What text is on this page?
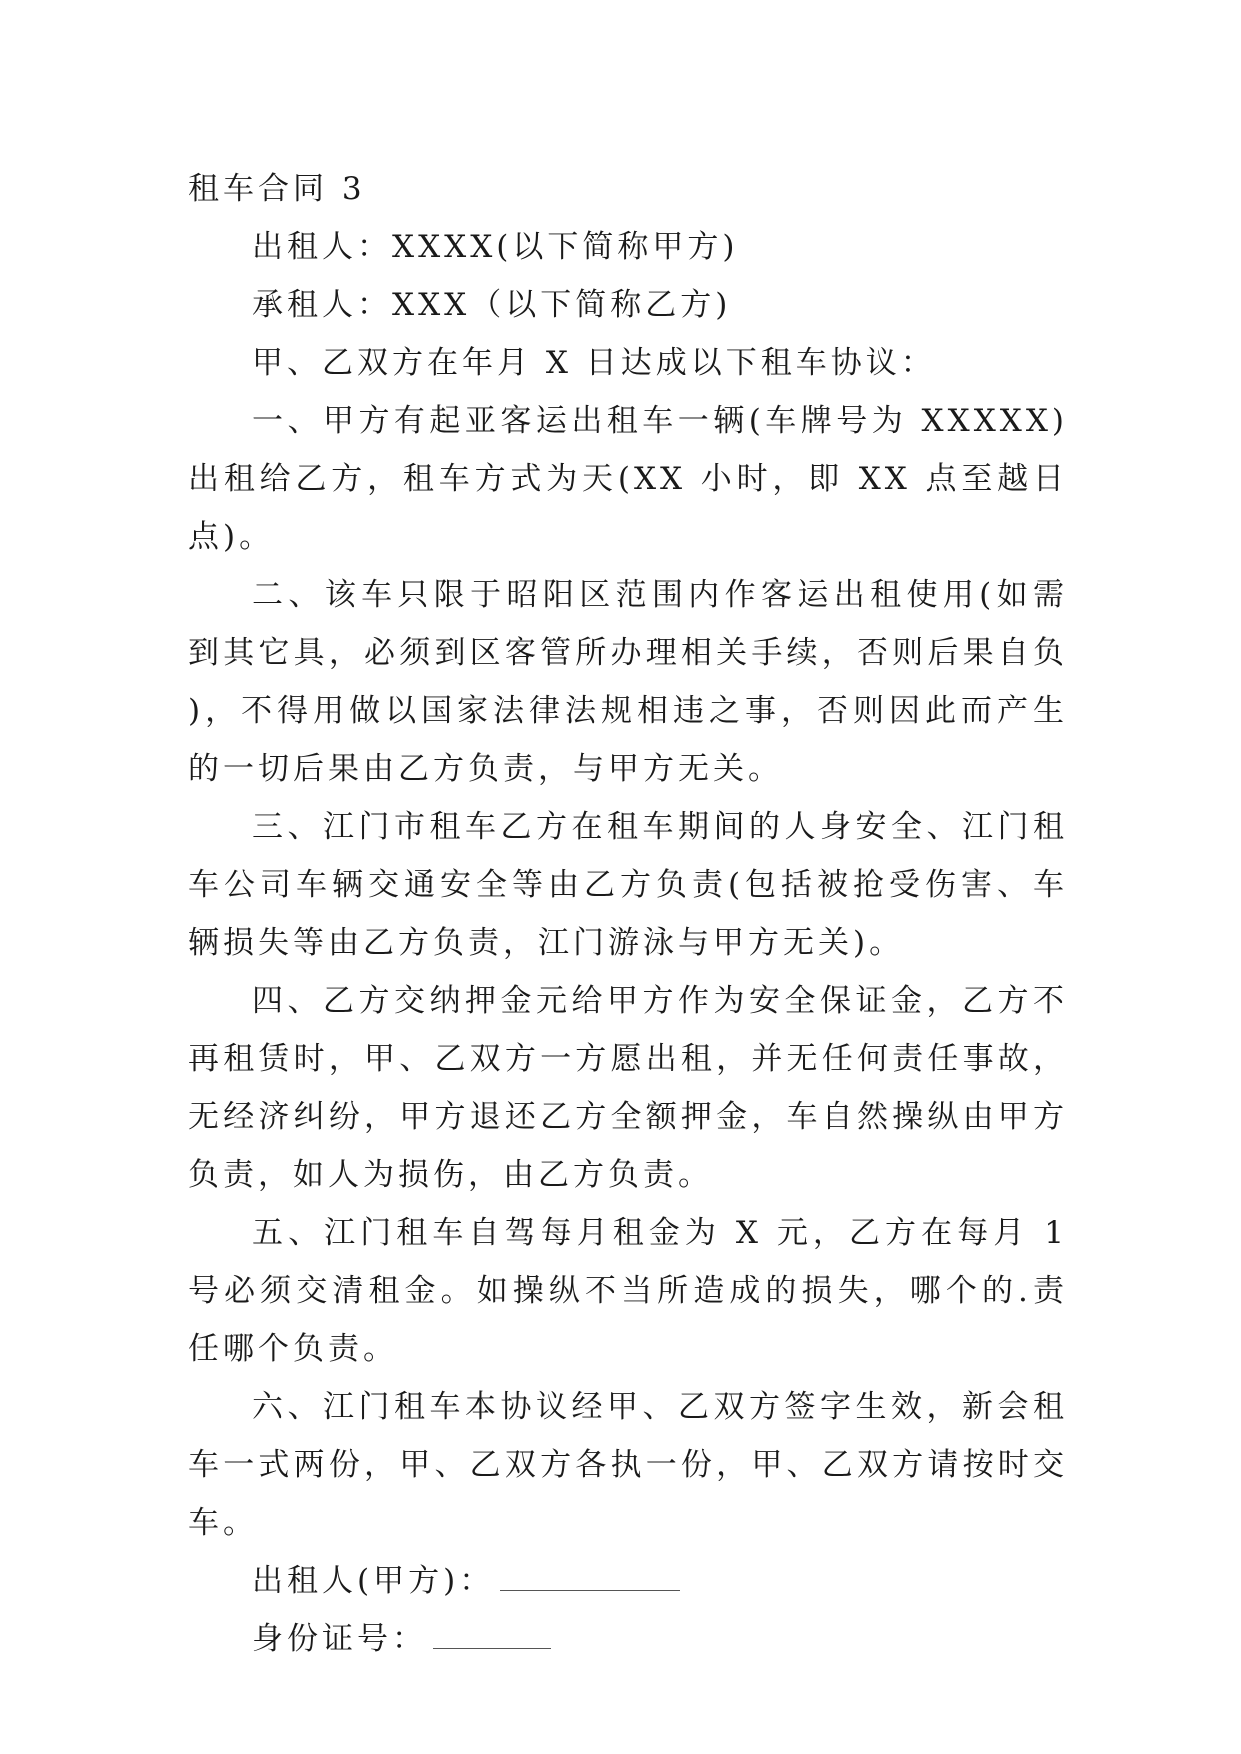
租车合同 3

出租人：XXXX(以下简称甲方)

承租人：XXX（以下简称乙方)

甲、乙双方在年月 X 日达成以下租车协议：

一、甲方有起亚客运出租车一辆(车牌号为 XXXXX)出租给乙方，租车方式为天(XX 小时，即 XX 点至越日点)。

二、该车只限于昭阳区范围内作客运出租使用(如需到其它具，必须到区客管所办理相关手续，否则后果自负)，不得用做以国家法律法规相违之事，否则因此而产生的一切后果由乙方负责，与甲方无关。

三、江门市租车乙方在租车期间的人身安全、江门租车公司车辆交通安全等由乙方负责(包括被抢受伤害、车辆损失等由乙方负责，江门游泳与甲方无关)。

四、乙方交纳押金元给甲方作为安全保证金，乙方不再租赁时，甲、乙双方一方愿出租，并无任何责任事故，无经济纠纷，甲方退还乙方全额押金，车自然操纵由甲方负责，如人为损伤，由乙方负责。

五、江门租车自驾每月租金为 X 元，乙方在每月 1 号必须交清租金。如操纵不当所造成的损失，哪个的.责任哪个负责。

六、江门租车本协议经甲、乙双方签字生效，新会租车一式两份，甲、乙双方各执一份，甲、乙双方请按时交车。

出租人(甲方)：

身份证号：
